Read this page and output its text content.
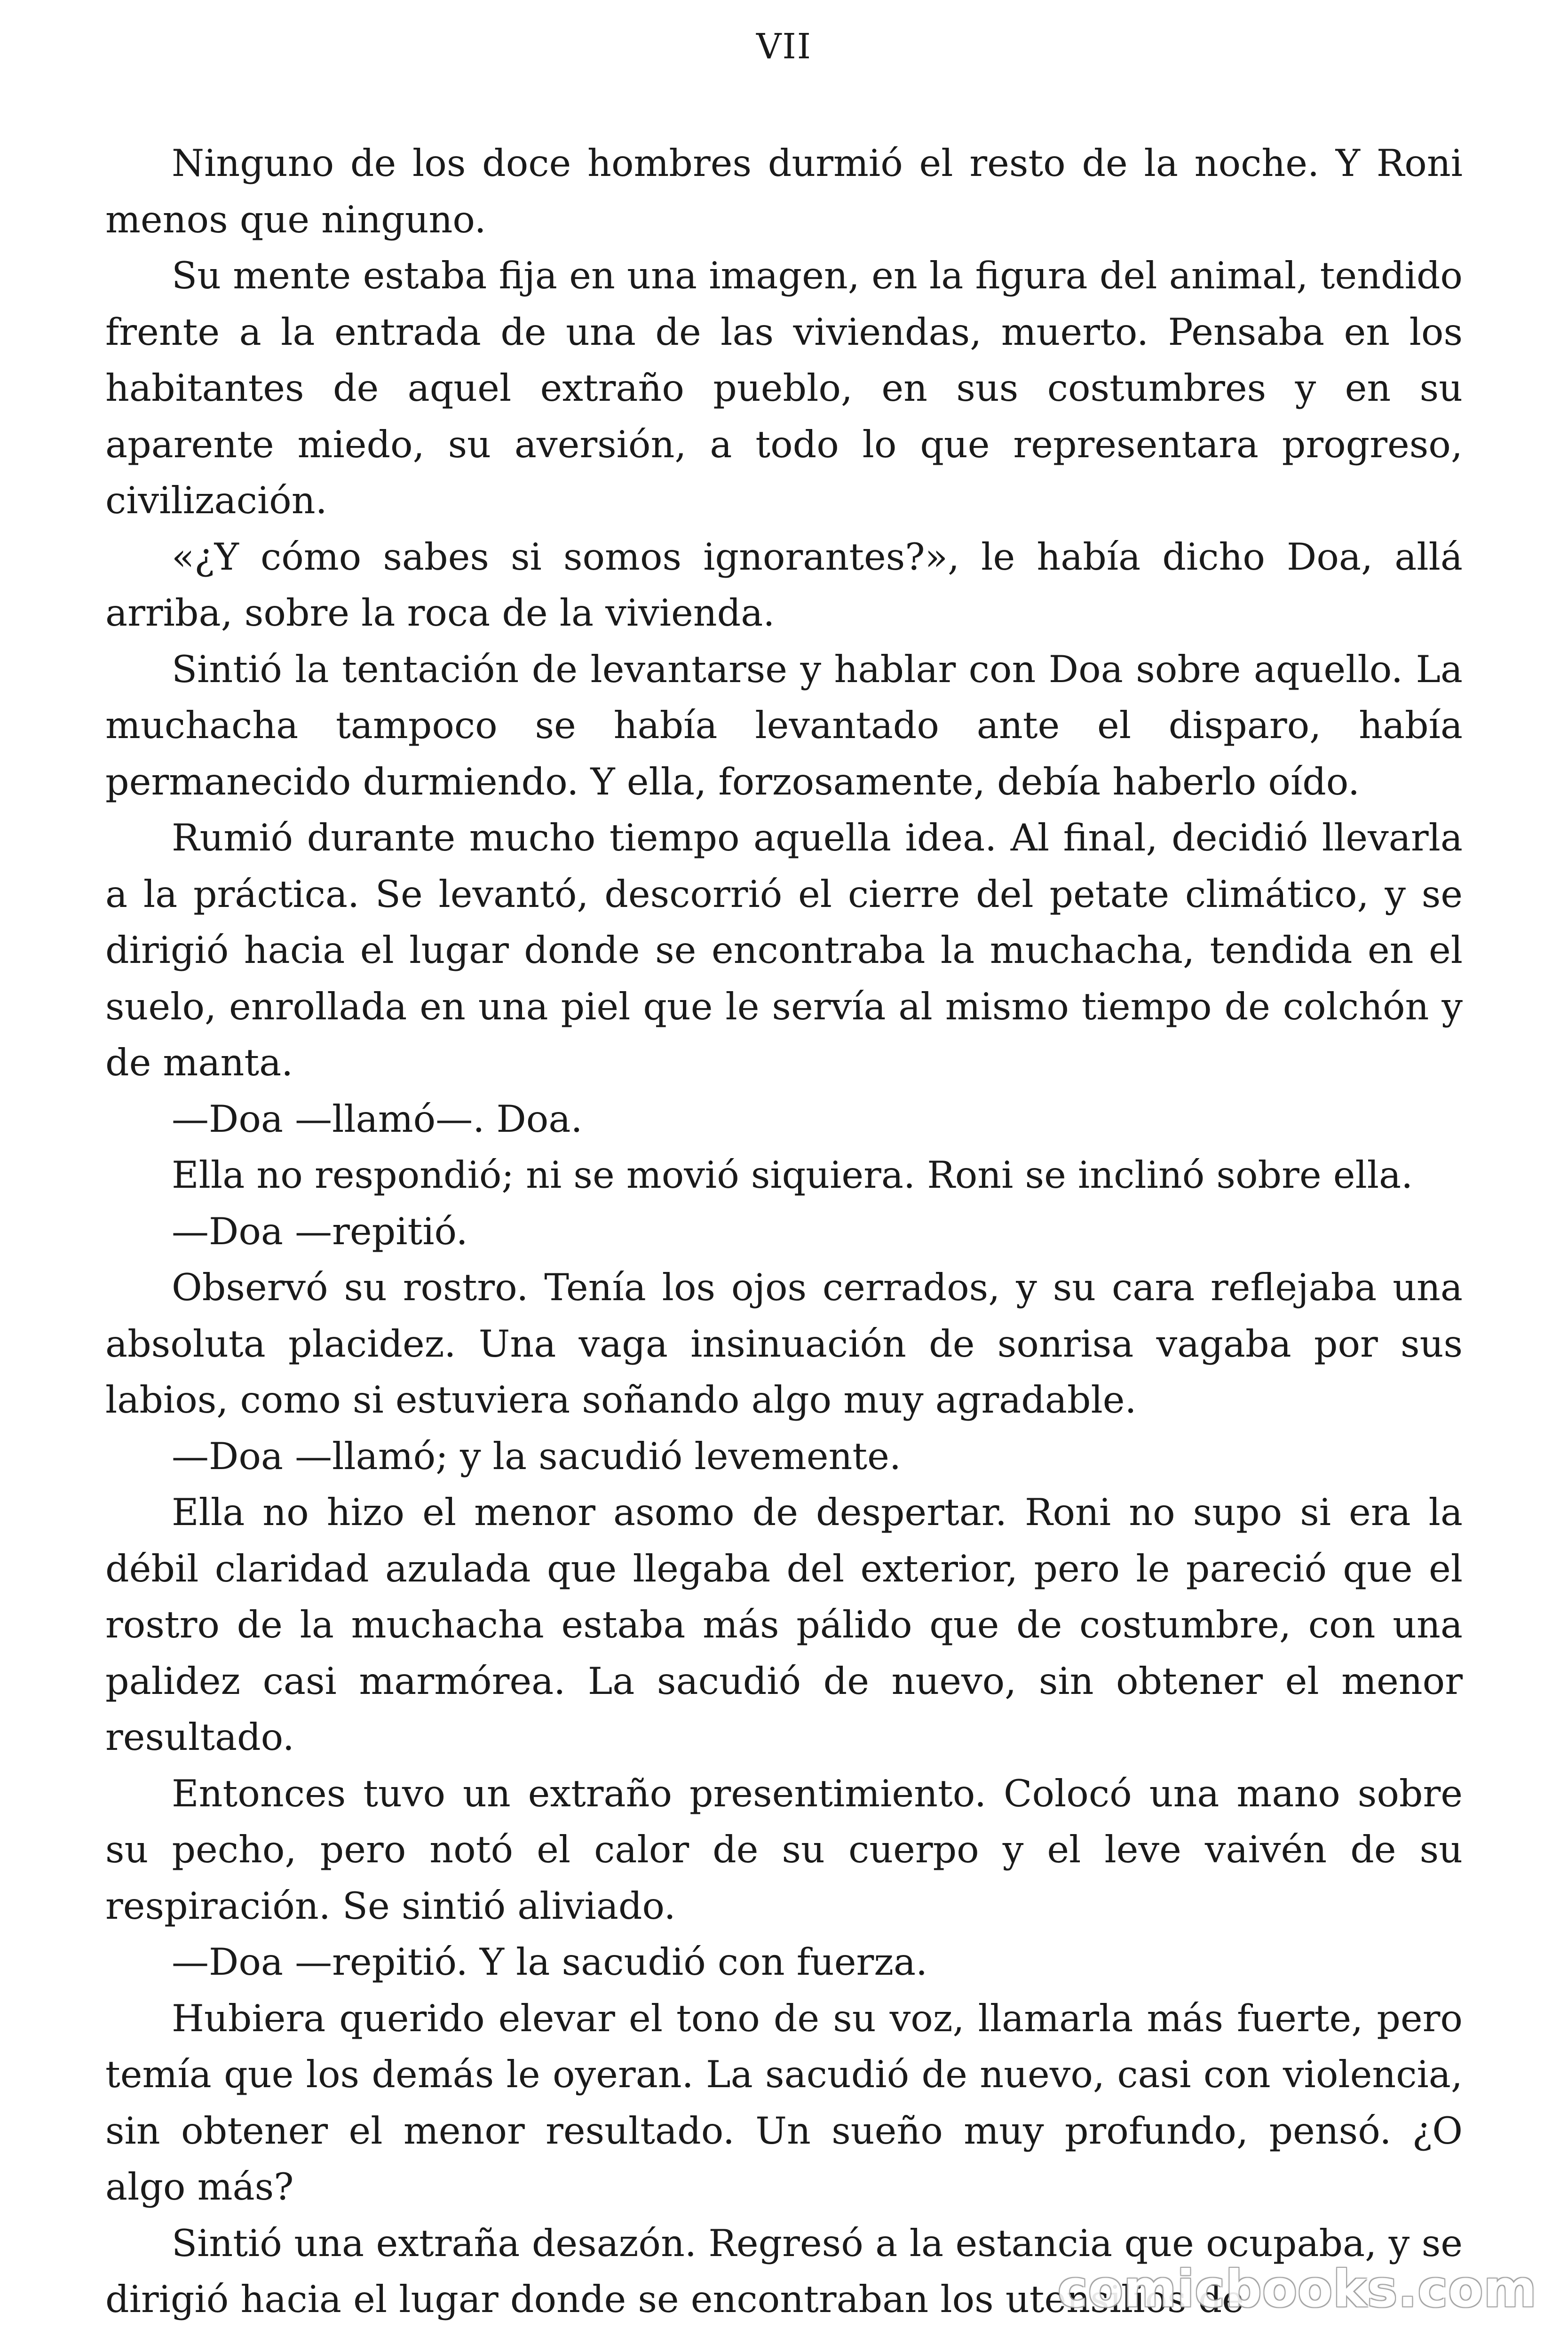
VII

Ninguno de los doce hombres durmió el resto de la noche. Y Roni menos que ninguno.

Su mente estaba fija en una imagen, en la figura del animal, tendido frente a la entrada de una de las viviendas, muerto. Pensaba en los habitantes de aquel extraño pueblo, en sus costumbres y en su aparente miedo, su aversión, a todo lo que representara progreso, civilización.

«¿Y cómo sabes si somos ignorantes?», le había dicho Doa, allá arriba, sobre la roca de la vivienda.

Sintió la tentación de levantarse y hablar con Doa sobre aquello. La muchacha tampoco se había levantado ante el disparo, había permanecido durmiendo. Y ella, forzosamente, debía haberlo oído.

Rumió durante mucho tiempo aquella idea. Al final, decidió llevarla a la práctica. Se levantó, descorrió el cierre del petate climático, y se dirigió hacia el lugar donde se encontraba la muchacha, tendida en el suelo, enrollada en una piel que le servía al mismo tiempo de colchón y de manta.

—Doa —llamó—. Doa.

Ella no respondió; ni se movió siquiera. Roni se inclinó sobre ella.

—Doa —repitió.

Observó su rostro. Tenía los ojos cerrados, y su cara reflejaba una absoluta placidez. Una vaga insinuación de sonrisa vagaba por sus labios, como si estuviera soñando algo muy agradable.

—Doa —llamó; y la sacudió levemente.

Ella no hizo el menor asomo de despertar. Roni no supo si era la débil claridad azulada que llegaba del exterior, pero le pareció que el rostro de la muchacha estaba más pálido que de costumbre, con una palidez casi marmórea. La sacudió de nuevo, sin obtener el menor resultado.

Entonces tuvo un extraño presentimiento. Colocó una mano sobre su pecho, pero notó el calor de su cuerpo y el leve vaivén de su respiración. Se sintió aliviado.

—Doa —repitió. Y la sacudió con fuerza.

Hubiera querido elevar el tono de su voz, llamarla más fuerte, pero temía que los demás le oyeran. La sacudió de nuevo, casi con violencia, sin obtener el menor resultado. Un sueño muy profundo, pensó. ¿O algo más?

Sintió una extraña desazón. Regresó a la estancia que ocupaba, y se dirigió hacia el lugar donde se encontraban los utensilios de

comicbooks.com
